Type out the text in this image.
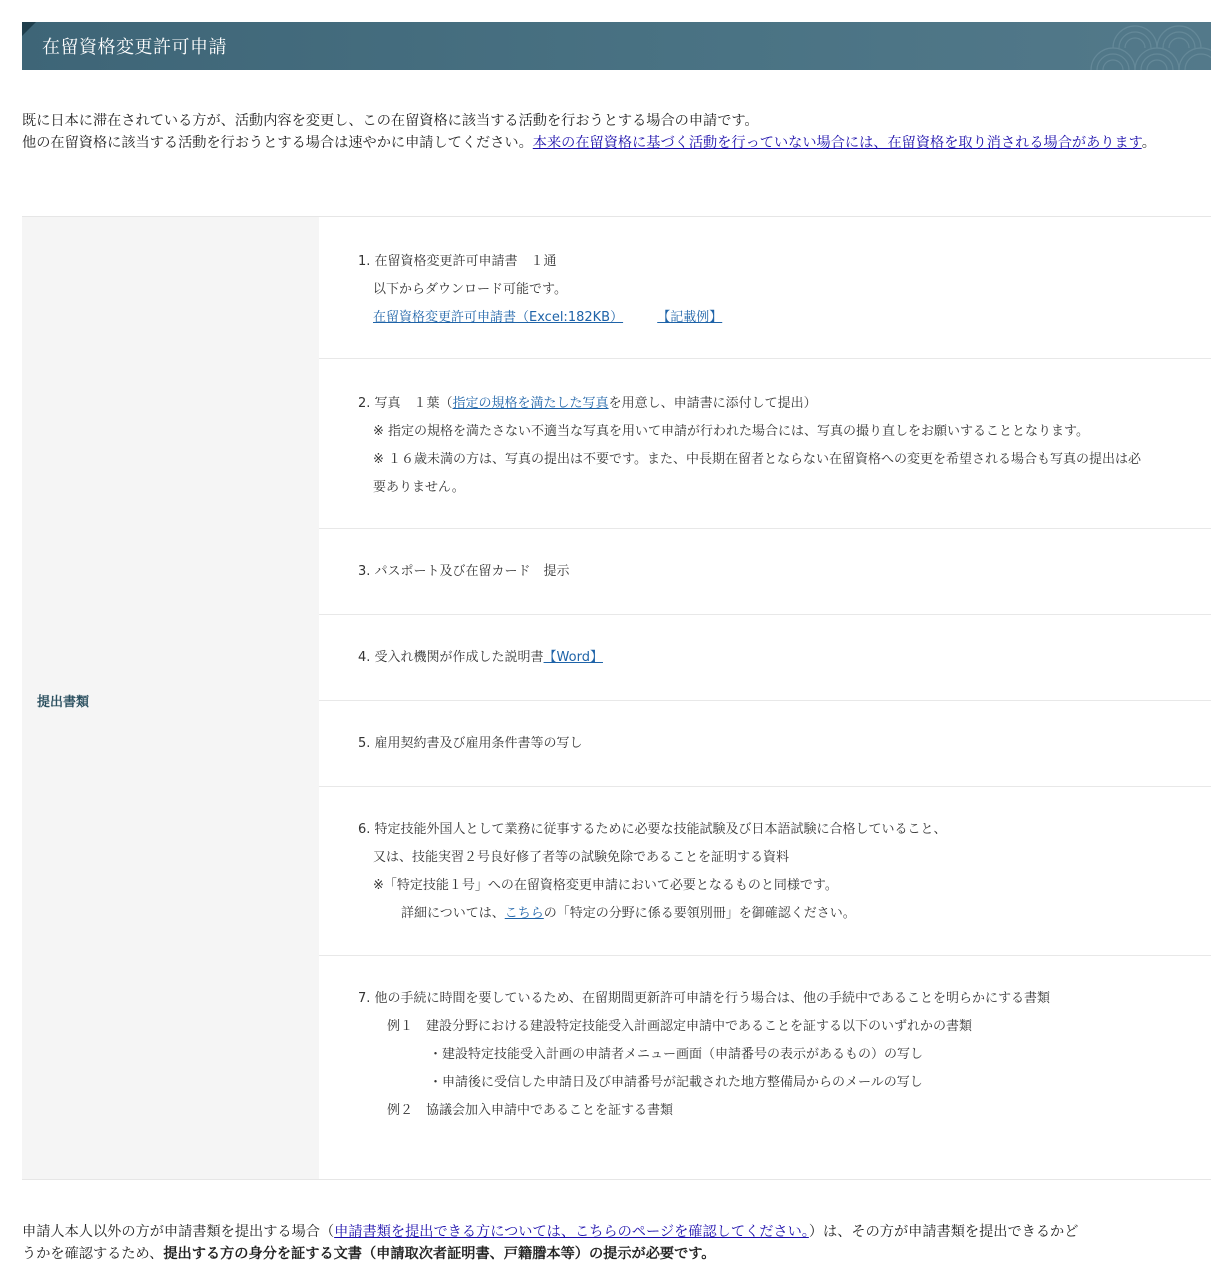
在留資格変更許可申請
既に日本に滞在されている方が、活動内容を変更し、この在留資格に該当する活動を行おうとする場合の申請です。
他の在留資格に該当する活動を行おうとする場合は速やかに申請してください。本来の在留資格に基づく活動を行っていない場合には、在留資格を取り消される場合があります。
提出書類
1. 在留資格変更許可申請書　１通
以下からダウンロード可能です。
在留資格変更許可申請書（Excel:182KB）	【記載例】
2. 写真　１葉（指定の規格を満たした写真を用意し、申請書に添付して提出）
※ 指定の規格を満たさない不適当な写真を用いて申請が行われた場合には、写真の撮り直しをお願いすることとなります。
※ １６歳未満の方は、写真の提出は不要です。また、中長期在留者とならない在留資格への変更を希望される場合も写真の提出は必
要ありません。
3. パスポート及び在留カード　提示
4. 受入れ機関が作成した説明書【Word】
5. 雇用契約書及び雇用条件書等の写し
6. 特定技能外国人として業務に従事するために必要な技能試験及び日本語試験に合格していること、
又は、技能実習２号良好修了者等の試験免除であることを証明する資料
※「特定技能１号」への在留資格変更申請において必要となるものと同様です。
詳細については、こちらの「特定の分野に係る要領別冊」を御確認ください。
7. 他の手続に時間を要しているため、在留期間更新許可申請を行う場合は、他の手続中であることを明らかにする書類
例１　建設分野における建設特定技能受入計画認定申請中であることを証する以下のいずれかの書類
・建設特定技能受入計画の申請者メニュー画面（申請番号の表示があるもの）の写し
・申請後に受信した申請日及び申請番号が記載された地方整備局からのメールの写し
例２　協議会加入申請中であることを証する書類
申請人本人以外の方が申請書類を提出する場合（申請書類を提出できる方については、こちらのページを確認してください。）は、その方が申請書類を提出できるかど
うかを確認するため、提出する方の身分を証する文書（申請取次者証明書、戸籍謄本等）の提示が必要です。
